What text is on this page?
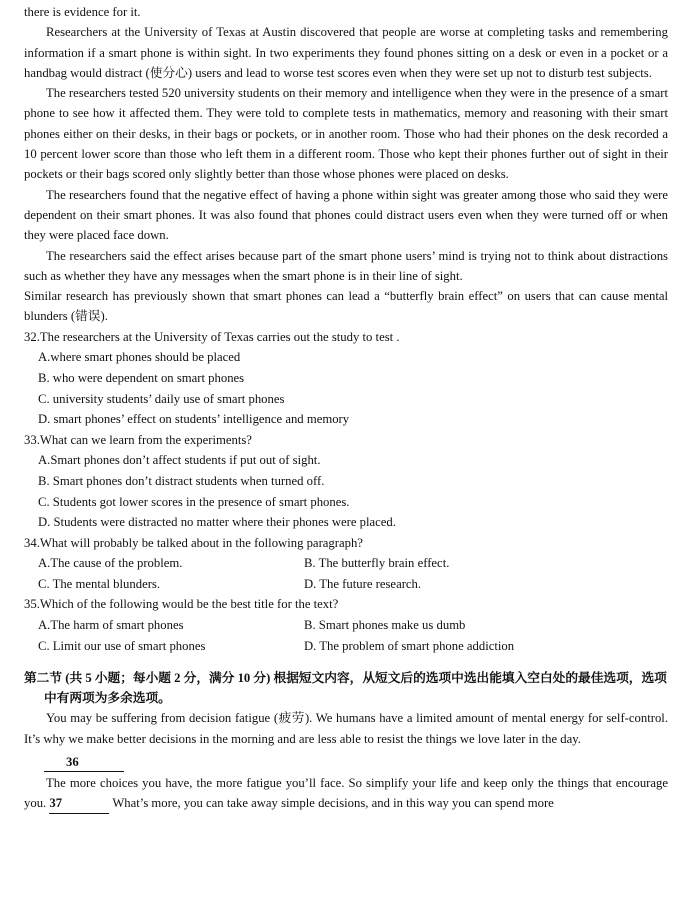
there is evidence for it.

Researchers at the University of Texas at Austin discovered that people are worse at completing tasks and remembering information if a smart phone is within sight. In two experiments they found phones sitting on a desk or even in a pocket or a handbag would distract (使分心) users and lead to worse test scores even when they were set up not to disturb test subjects.

The researchers tested 520 university students on their memory and intelligence when they were in the presence of a smart phone to see how it affected them. They were told to complete tests in mathematics, memory and reasoning with their smart phones either on their desks, in their bags or pockets, or in another room. Those who had their phones on the desk recorded a 10 percent lower score than those who left them in a different room. Those who kept their phones further out of sight in their pockets or their bags scored only slightly better than those whose phones were placed on desks.

The researchers found that the negative effect of having a phone within sight was greater among those who said they were dependent on their smart phones. It was also found that phones could distract users even when they were turned off or when they were placed face down.

The researchers said the effect arises because part of the smart phone users’ mind is trying not to think about distractions such as whether they have any messages when the smart phone is in their line of sight.

Similar research has previously shown that smart phones can lead a “butterfly brain effect” on users that can cause mental blunders (错误).

32.The researchers at the University of Texas carries out the study to test .

A.where smart phones should be placed

B. who were dependent on smart phones

C. university students’ daily use of smart phones

D. smart phones’ effect on students’ intelligence and memory

33.What can we learn from the experiments?

A.Smart phones don’t affect students if put out of sight.

B. Smart phones don’t distract students when turned off.

C. Students got lower scores in the presence of smart phones.

D. Students were distracted no matter where their phones were placed.

34.What will probably be talked about in the following paragraph?

A.The cause of the problem.	B. The butterfly brain effect.
C. The mental blunders.	D. The future research.

35.Which of the following would be the best title for the text?

A.The harm of smart phones	B. Smart phones make us dumb
C. Limit our use of smart phones	D. The problem of smart phone addiction

第二节 (共 5 小题；每小题 2 分，满分 10 分) 根据短文内容，从短文后的选项中选出能填入空白处的最佳选项，选项中有两项为多余选项。

You may be suffering from decision fatigue (疲劳). We humans have a limited amount of mental energy for self-control. It’s why we make better decisions in the morning and are less able to resist the things we love later in the day.

36

The more choices you have, the more fatigue you’ll face. So simplify your life and keep only the things that encourage you. 37	What’s more, you can take away simple decisions, and in this way you can spend more
